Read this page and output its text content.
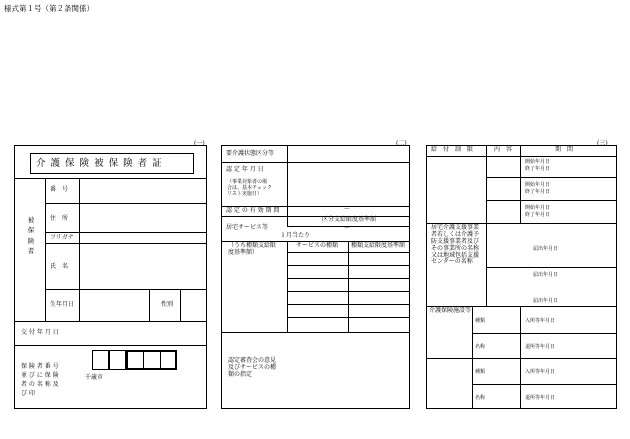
様式第１号（第２条関係）
(一)
介 護 保 険 被 保 険 者 証
被保険者
番　号
住　所
フリガナ
氏　名
生年月日	性別
交 付 年 月 日
保 険 者 番 号
並 び に 保 険
者 の 名 称 及
び 印
千歳市
(二)
要介護状態区分等
認 定 年 月 日
（事業対象者の場
合は、基本チェック
リスト実施日）
認 定 の 有 効 期 間	〜
区分支給限度基準額
居宅サービス等	〜
１月当たり
（うち種類支給限
度基準額）
サービスの種類 種類支給限度基準額
認定審査会の意見
及びサービスの種
類の指定
(三)
給　付　制　限	内　容	期　間
開始年月日
終了年月日
開始年月日
終了年月日
開始年月日
終了年月日
居宅介護支援事業
者若しくは介護予
防支援事業者及び
その事業所の名称
又は地域包括支援
センターの名称
届出年月日
届出年月日
届出年月日
介護保険施設等
種類	入所等年月日
名称	退所等年月日
種類	入所等年月日
名称	退所等年月日
